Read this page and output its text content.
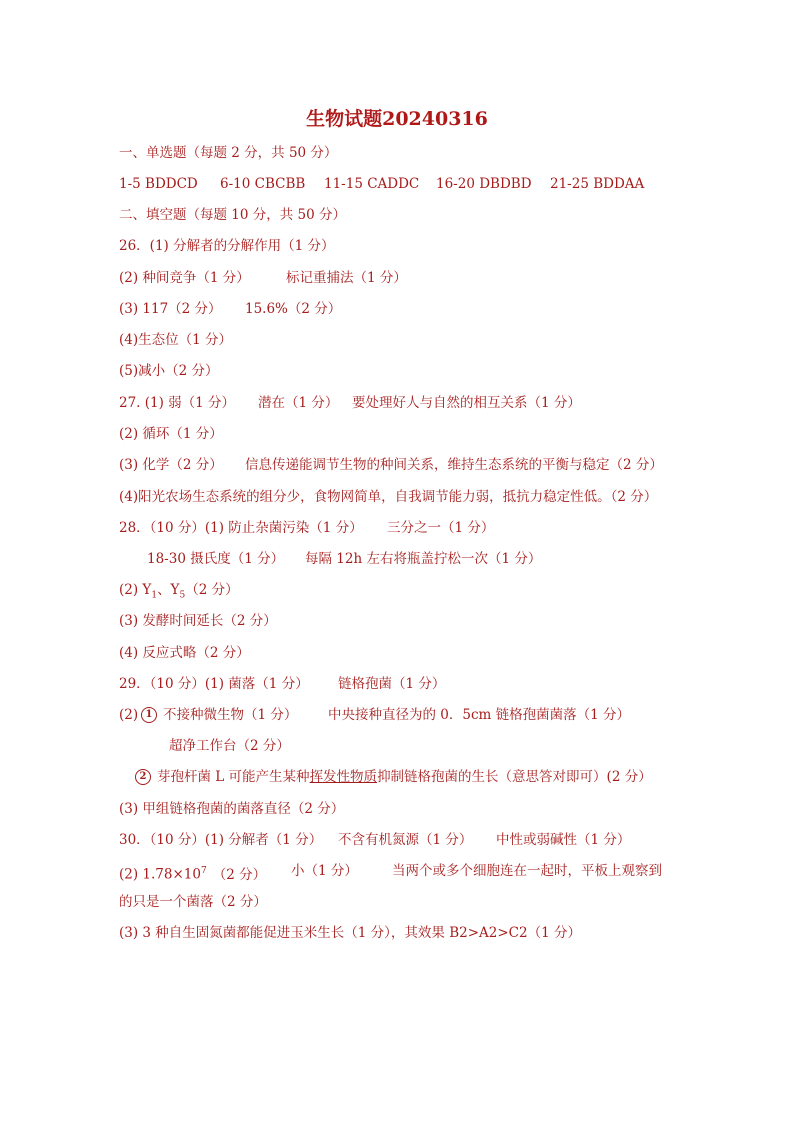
生物试题20240316
一、单选题（每题 2 分，共 50 分）
1-5 BDDCD 6-10 CBCBB 11-15 CADDC 16-20 DBDBD 21-25 BDDAA
二、填空题（每题 10 分，共 50 分）
26．(1) 分解者的分解作用（1 分）
(2) 种间竞争（1 分）	标记重捕法（1 分）
(3) 117（2 分） 15.6%（2 分）
(4)生态位（1 分）
(5)减小（2 分）
27. (1) 弱（1 分） 潜在（1 分） 要处理好人与自然的相互关系（1 分）
(2) 循环（1 分）
(3) 化学（2 分） 信息传递能调节生物的种间关系，维持生态系统的平衡与稳定（2 分）
(4)阳光农场生态系统的组分少，食物网简单，自我调节能力弱，抵抗力稳定性低。（2 分）
28．（10 分）(1) 防止杂菌污染（1 分） 三分之一（1 分）
18-30 摄氏度（1 分） 每隔 12h 左右将瓶盖拧松一次（1 分）
(2) $Y_1$、$Y_5(2$ 分）
(3) 发酵时间延长（2 分）
(4) 反应式略（2 分）
29．（10 分）(1) 菌落（1 分） 链格孢菌（1 分）
(2) 1 不接种微生物（1 分） 中央接种直径为的 0．5cm 链格孢菌菌落（1 分）
超净工作台（2 分）
2 芽孢杆菌 L 可能产生某种挥发性物质抑制链格孢菌的生长（意思答对即可）(2 分）
(3) 甲组链格孢菌的菌落直径（2 分）
30．（10 分）(1) 分解者（1 分） 不含有机氮源（1 分） 中性或弱碱性（1 分）
(2) $1.78\times 10^7$ （2 分） 小（1 分）	当两个或多个细胞连在一起时，平板上观察到
的只是一个菌落（2 分）
(3) 3 种自生固氮菌都能促进玉米生长（1 分），其效果 B2>A2>C2（1 分）
